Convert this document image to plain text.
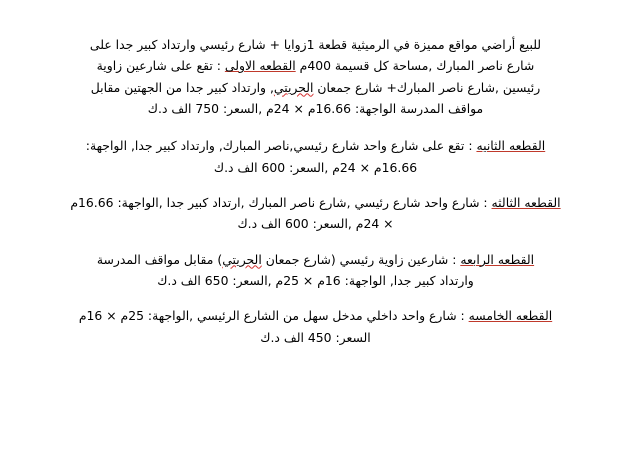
للبيع أراضي مواقع مميزة في الرميثية قطعة 1زوايا + شارع رئيسي وارتداد كبير جدا على
شارع ناصر المبارك ,مساحة كل قسيمة 400م القطعه الاولى : تقع على شارعين زاوية
رئيسين ,شارع ناصر المبارك+ شارع جمعان الحريتي, وارتداد كبير جدا من الجهتين مقابل
مواقف المدرسة الواجهة: 16.66م × 24م ,السعر: 750 الف د.ك
القطعه الثانيه : تقع على شارع واحد شارع رئيسي,ناصر المبارك, وارتداد كبير جدا, الواجهة:
16.66م × 24م ,السعر: 600 الف د.ك
القطعه الثالثه : شارع واحد شارع رئيسي ,شارع ناصر المبارك ,ارتداد كبير جدا ,الواجهة: 16.66م
× 24م ,السعر: 600 الف د.ك
القطعه الرابعه : شارعين زاوية رئيسي (شارع جمعان الحريتي) مقابل مواقف المدرسة
وارتداد كبير جدا, الواجهة: 16م × 25م ,السعر: 650 الف د.ك
القطعه الخامسه : شارع واحد داخلي مدخل سهل من الشارع الرئيسي ,الواجهة: 25م × 16م
السعر: 450 الف د.ك
